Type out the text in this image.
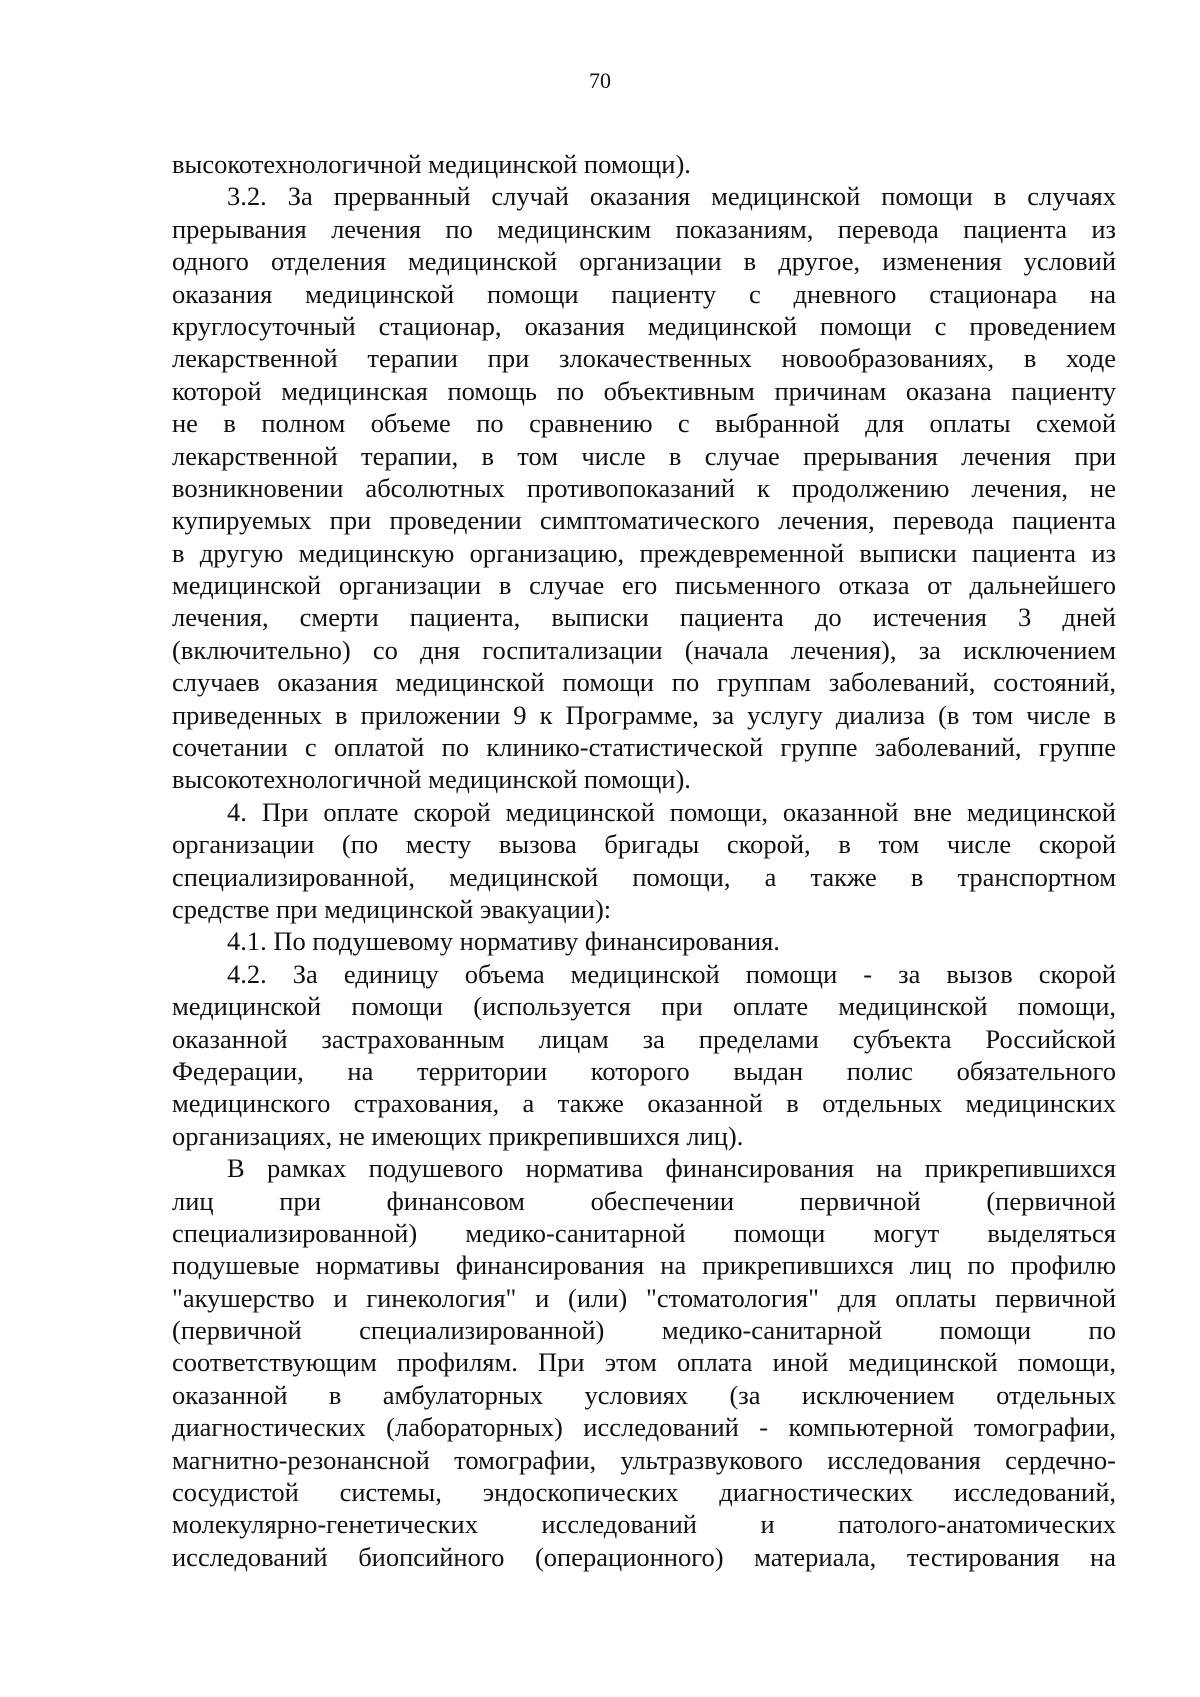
70
высокотехнологичной медицинской помощи).
3.2. За прерванный случай оказания медицинской помощи в случаях
прерывания лечения по медицинским показаниям, перевода пациента из
одного отделения медицинской организации в другое, изменения условий
оказания медицинской помощи пациенту с дневного стационара на
круглосуточный стационар, оказания медицинской помощи с проведением
лекарственной терапии при злокачественных новообразованиях, в ходе
которой медицинская помощь по объективным причинам оказана пациенту
не в полном объеме по сравнению с выбранной для оплаты схемой
лекарственной терапии, в том числе в случае прерывания лечения при
возникновении абсолютных противопоказаний к продолжению лечения, не
купируемых при проведении симптоматического лечения, перевода пациента
в другую медицинскую организацию, преждевременной выписки пациента из
медицинской организации в случае его письменного отказа от дальнейшего
лечения, смерти пациента, выписки пациента до истечения 3 дней
(включительно) со дня госпитализации (начала лечения), за исключением
случаев оказания медицинской помощи по группам заболеваний, состояний,
приведенных в приложении 9 к Программе, за услугу диализа (в том числе в
сочетании с оплатой по клинико-статистической группе заболеваний, группе
высокотехнологичной медицинской помощи).
4. При оплате скорой медицинской помощи, оказанной вне медицинской
организации (по месту вызова бригады скорой, в том числе скорой
специализированной, медицинской помощи, а также в транспортном
средстве при медицинской эвакуации):
4.1. По подушевому нормативу финансирования.
4.2. За единицу объема медицинской помощи - за вызов скорой
медицинской помощи (используется при оплате медицинской помощи,
оказанной застрахованным лицам за пределами субъекта Российской
Федерации, на территории которого выдан полис обязательного
медицинского страхования, а также оказанной в отдельных медицинских
организациях, не имеющих прикрепившихся лиц).
В рамках подушевого норматива финансирования на прикрепившихся
лиц при финансовом обеспечении первичной (первичной
специализированной) медико-санитарной помощи могут выделяться
подушевые нормативы финансирования на прикрепившихся лиц по профилю
"акушерство и гинекология" и (или) "стоматология" для оплаты первичной
(первичной специализированной) медико-санитарной помощи по
соответствующим профилям. При этом оплата иной медицинской помощи,
оказанной в амбулаторных условиях (за исключением отдельных
диагностических (лабораторных) исследований - компьютерной томографии,
магнитно-резонансной томографии, ультразвукового исследования сердечно-
сосудистой системы, эндоскопических диагностических исследований,
молекулярно-генетических исследований и патолого-анатомических
исследований биопсийного (операционного) материала, тестирования на
